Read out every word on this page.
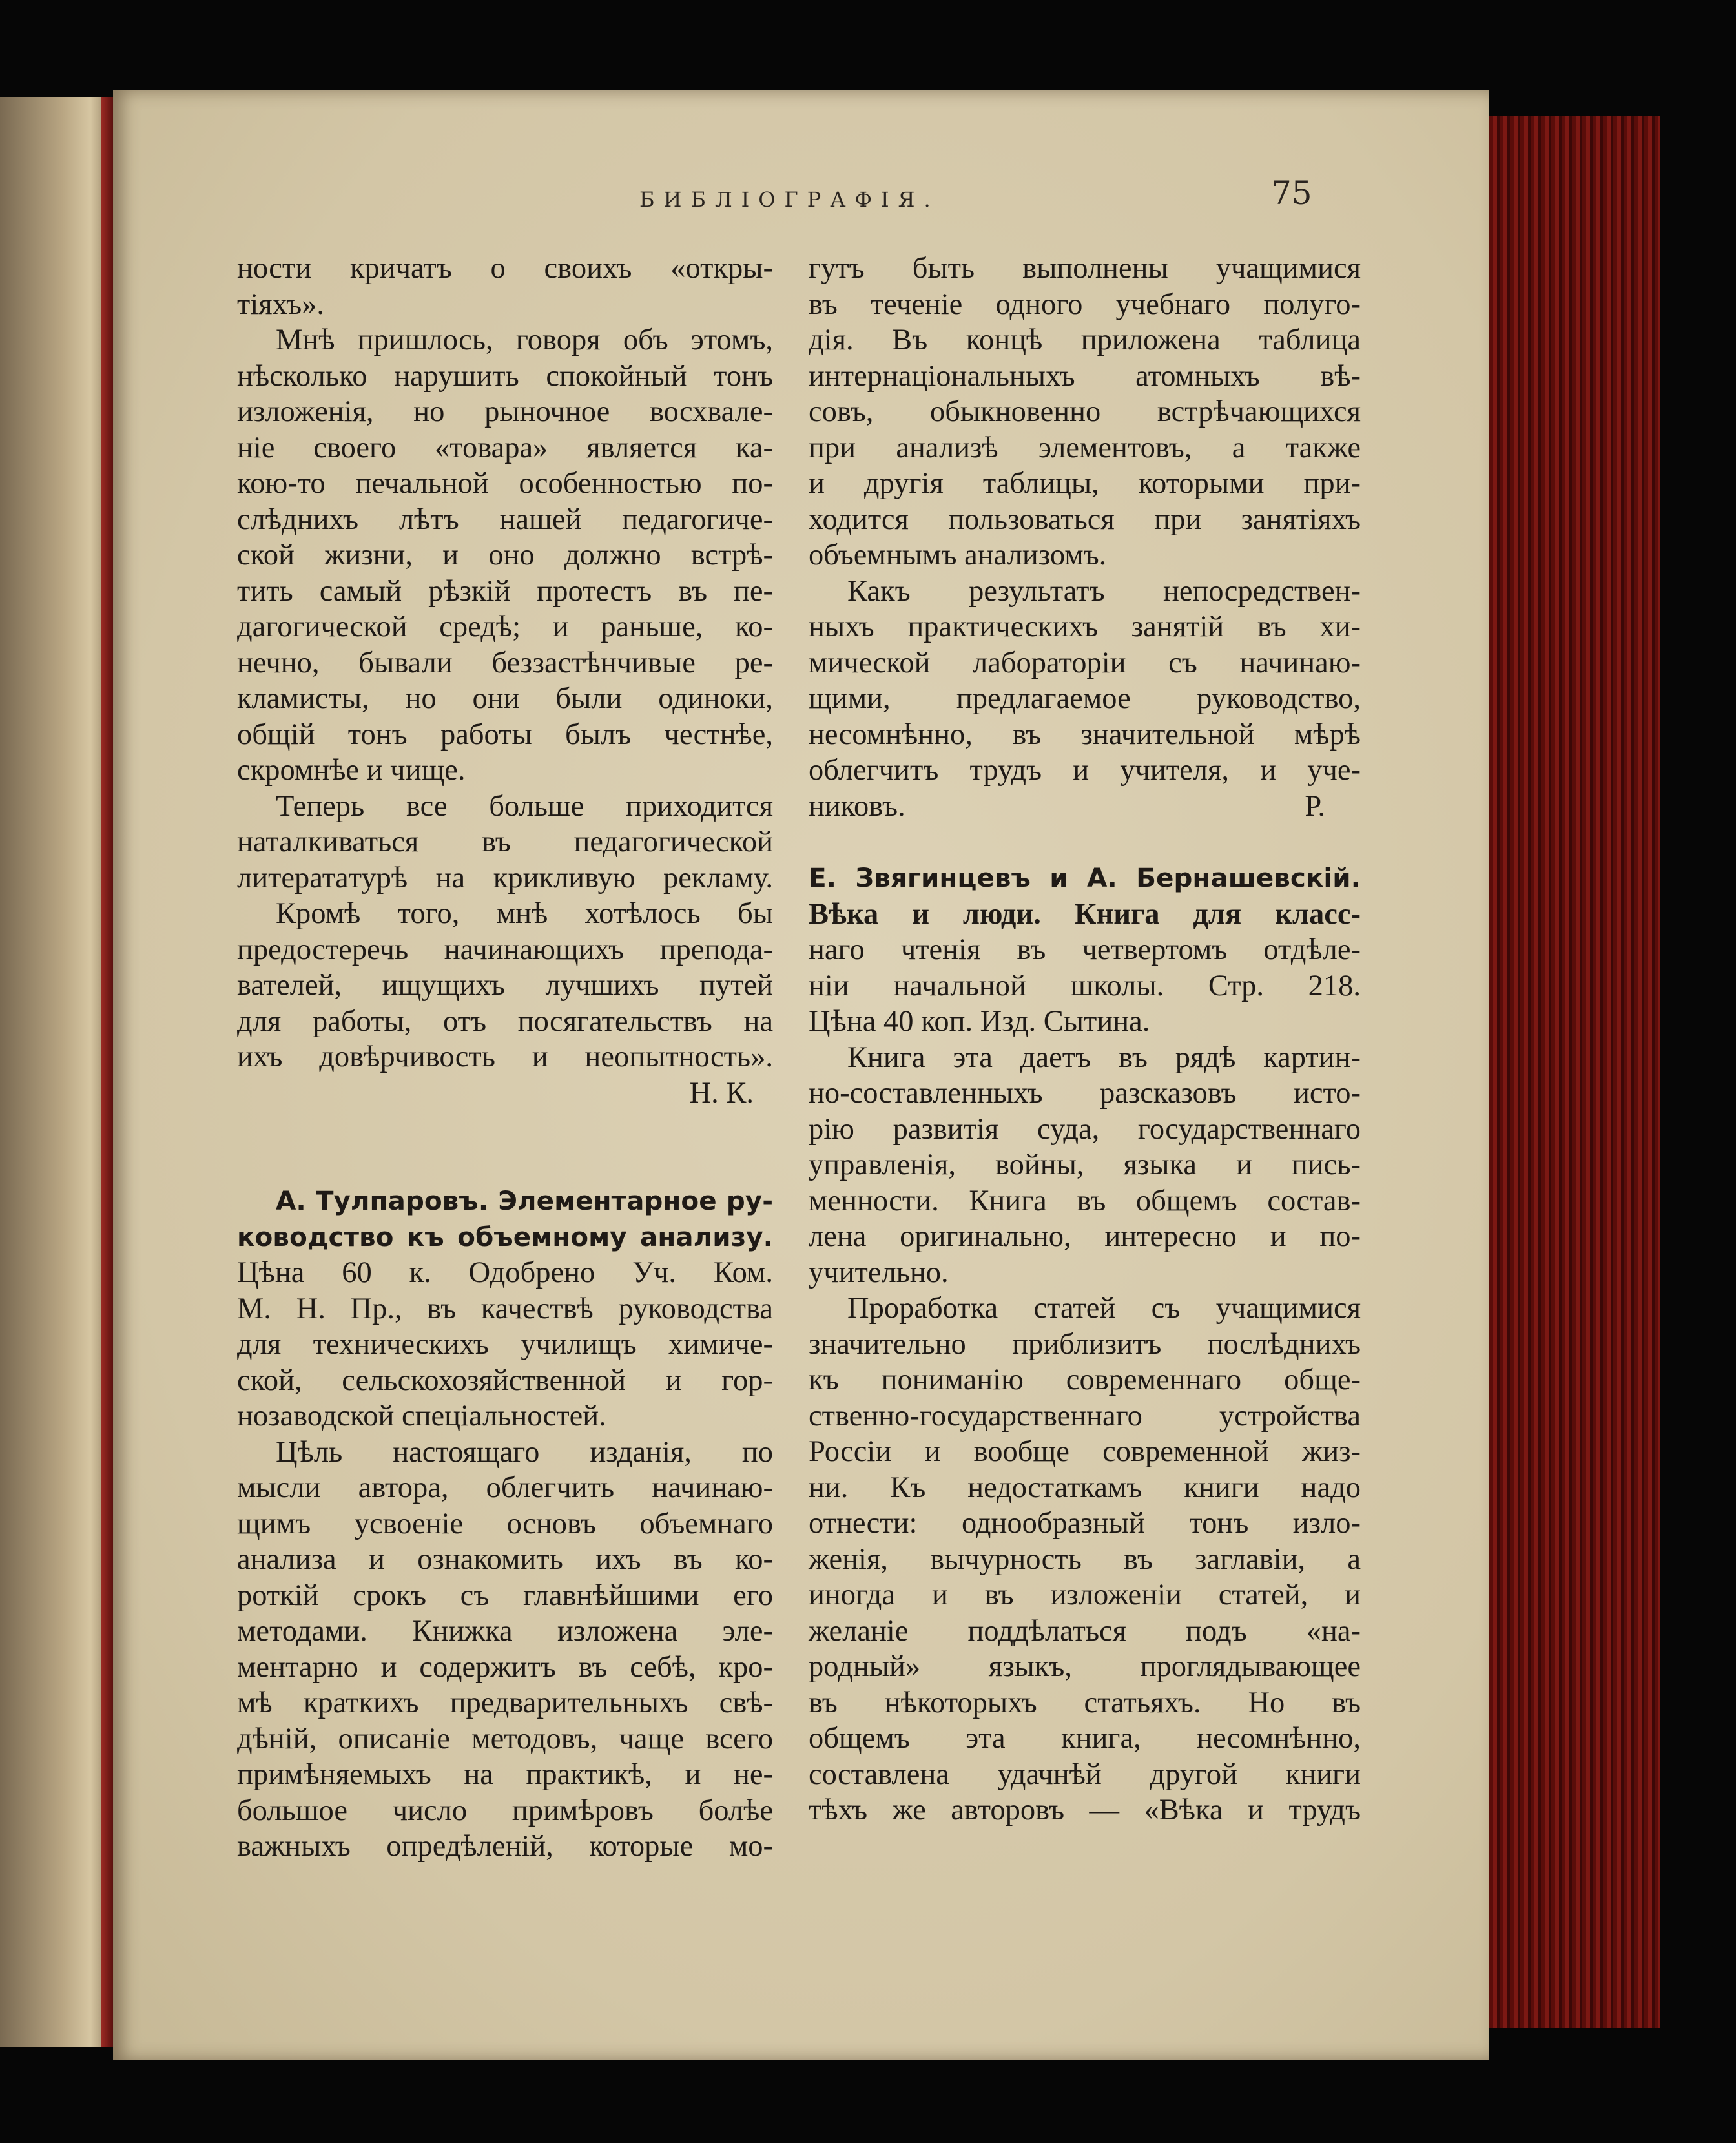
БИБЛІОГРАФІЯ.	75
ности кричатъ о своихъ «откры-
тіяхъ».
Мнѣ пришлось, говоря объ этомъ,
нѣсколько нарушить спокойный тонъ
изложенія, но рыночное восхвале-
ніе своего «товара» является ка-
кою-то печальной особенностью по-
слѣднихъ лѣтъ нашей педагогиче-
ской жизни, и оно должно встрѣ-
тить самый рѣзкій протестъ въ пе-
дагогической средѣ; и раньше, ко-
нечно, бывали беззастѣнчивые ре-
кламисты, но они были одиноки,
общій тонъ работы былъ честнѣе,
скромнѣе и чище.
Теперь все больше приходится
наталкиваться въ педагогической
литератaтурѣ на крикливую рекламу.
Кромѣ того, мнѣ хотѣлось бы
предостеречь начинающихъ препода-
вателей, ищущихъ лучшихъ путей
для работы, отъ посягательствъ на
ихъ довѣрчивость и неопытность».
Н. К.
А. Тулпаровъ. Элементарное ру-
ководство къ объемному анализу.
Цѣна 60 к. Одобрено Уч. Ком.
М. Н. Пр., въ качествѣ руководства
для техническихъ училищъ химиче-
ской, сельскохозяйственной и гор-
нозаводской спеціальностей.
Цѣль настоящаго изданія, по
мысли автора, облегчить начинаю-
щимъ усвоеніе основъ объемнаго
анализа и ознакомить ихъ въ ко-
роткій срокъ съ главнѣйшими его
методами. Книжка изложена эле-
ментарно и содержитъ въ себѣ, кро-
мѣ краткихъ предварительныхъ свѣ-
дѣній, описаніе методовъ, чаще всего
примѣняемыхъ на практикѣ, и не-
большое число примѣровъ болѣе
важныхъ опредѣленій, которые мо-
гутъ быть выполнены учащимися
въ теченіе одного учебнаго полуго-
дія. Въ концѣ приложена таблица
интернаціональныхъ атомныхъ вѣ-
совъ, обыкновенно встрѣчающихся
при анализѣ элементовъ, а также
и другія таблицы, которыми при-
ходится пользоваться при занятіяхъ
объемнымъ анализомъ.
Какъ результатъ непосредствен-
ныхъ практическихъ занятій въ хи-
мической лабораторіи съ начинаю-
щими, предлагаемое руководство,
несомнѣнно, въ значительной мѣрѣ
облегчитъ трудъ и учителя, и уче-
никовъ.	Р.
Е. Звягинцевъ и А. Бернашевскій.
Вѣка и люди. Книга для класс-
наго чтенія въ четвертомъ отдѣле-
ніи начальной школы. Стр. 218.
Цѣна 40 коп. Изд. Сытина.
Книга эта даетъ въ рядѣ картин-
но-составленныхъ разсказовъ исто-
рію развитія суда, государственнаго
управленія, войны, языка и пись-
менности. Книга въ общемъ состав-
лена оригинально, интересно и по-
учительно.
Проработка статей съ учащимися
значительно приблизитъ послѣднихъ
къ пониманію современнаго обще-
ственно-государственнаго устройства
Россіи и вообще современной жиз-
ни. Къ недостаткамъ книги надо
отнести: однообразный тонъ изло-
женія, вычурность въ заглавіи, а
иногда и въ изложеніи статей, и
желаніе поддѣлаться подъ «на-
родный» языкъ, проглядывающее
въ нѣкоторыхъ статьяхъ. Но въ
общемъ эта книга, несомнѣнно,
составлена удачнѣй другой книги
тѣхъ же авторовъ — «Вѣка и трудъ
